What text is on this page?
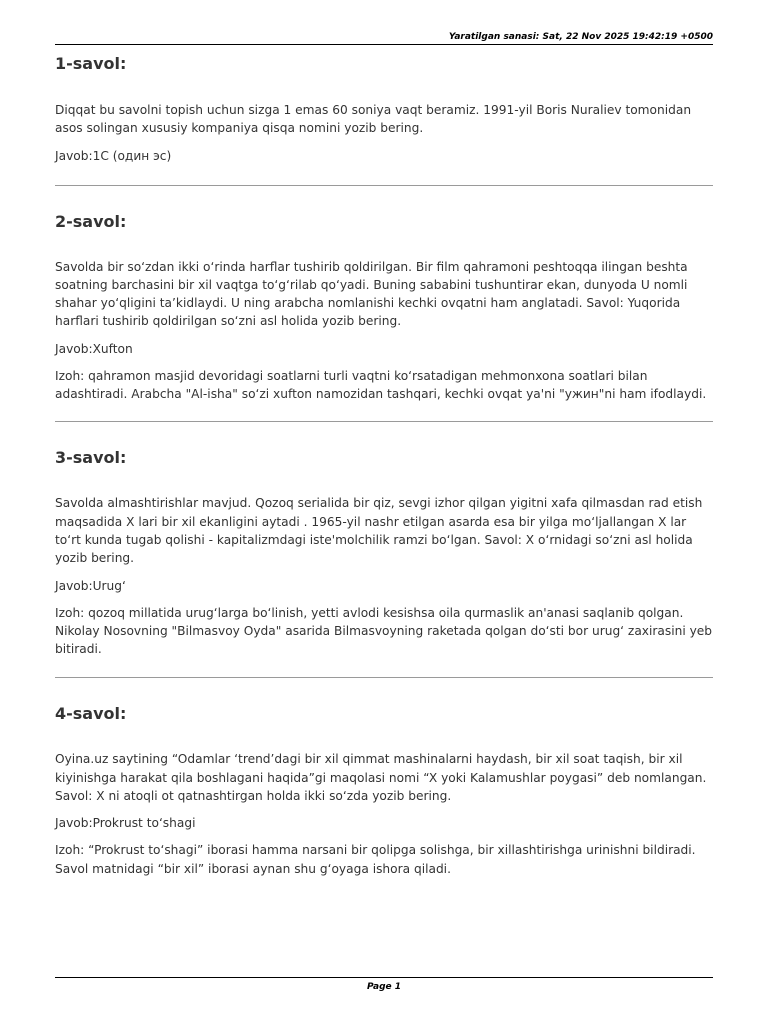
Yaratilgan sanasi: Sat, 22 Nov 2025 19:42:19 +0500
1-savol:

Diqqat bu savolni topish uchun sizga 1 emas 60 soniya vaqt beramiz. 1991-yil Boris Nuraliev tomonidan asos solingan xususiy kompaniya qisqa nomini yozib bering.

Javob:1C (один эс)

2-savol:

Savolda bir so‘zdan ikki o‘rinda harflar tushirib qoldirilgan. Bir film qahramoni peshtoqqa ilingan beshta soatning barchasini bir xil vaqtga to‘g‘rilab qo‘yadi. Buning sababini tushuntirar ekan, dunyoda U nomli shahar yo‘qligini ta’kidlaydi. U ning arabcha nomlanishi kechki ovqatni ham anglatadi. Savol: Yuqorida harflari tushirib qoldirilgan so‘zni asl holida yozib bering.

Javob:Xufton

Izoh: qahramon masjid devoridagi soatlarni turli vaqtni ko‘rsatadigan mehmonxona soatlari bilan adashtiradi. Arabcha "Al-isha" so‘zi xufton namozidan tashqari, kechki ovqat ya'ni "ужин"ni ham ifodlaydi.

3-savol:

Savolda almashtirishlar mavjud. Qozoq serialida bir qiz, sevgi izhor qilgan yigitni xafa qilmasdan rad etish maqsadida X lari bir xil ekanligini aytadi . 1965-yil nashr etilgan asarda esa bir yilga mo‘ljallangan X lar to‘rt kunda tugab qolishi - kapitalizmdagi iste'molchilik ramzi bo‘lgan. Savol: X o‘rnidagi so‘zni asl holida yozib bering.

Javob:Urug‘

Izoh: qozoq millatida urug‘larga bo‘linish, yetti avlodi kesishsa oila qurmaslik an'anasi saqlanib qolgan. Nikolay Nosovning "Bilmasvoy Oyda" asarida Bilmasvoyning raketada qolgan do‘sti bor urug‘ zaxirasini yeb bitiradi.

4-savol:

Oyina.uz saytining “Odamlar ‘trend’dagi bir xil qimmat mashinalarni haydash, bir xil soat taqish, bir xil kiyinishga harakat qila boshlagani haqida”gi maqolasi nomi “X yoki Kalamushlar poygasi” deb nomlangan. Savol: X ni atoqli ot qatnashtirgan holda ikki so‘zda yozib bering.

Javob:Prokrust to‘shagi

Izoh: “Prokrust to‘shagi” iborasi hamma narsani bir qolipga solishga, bir xillashtirishga urinishni bildiradi. Savol matnidagi “bir xil” iborasi aynan shu g‘oyaga ishora qiladi.

Page 1
